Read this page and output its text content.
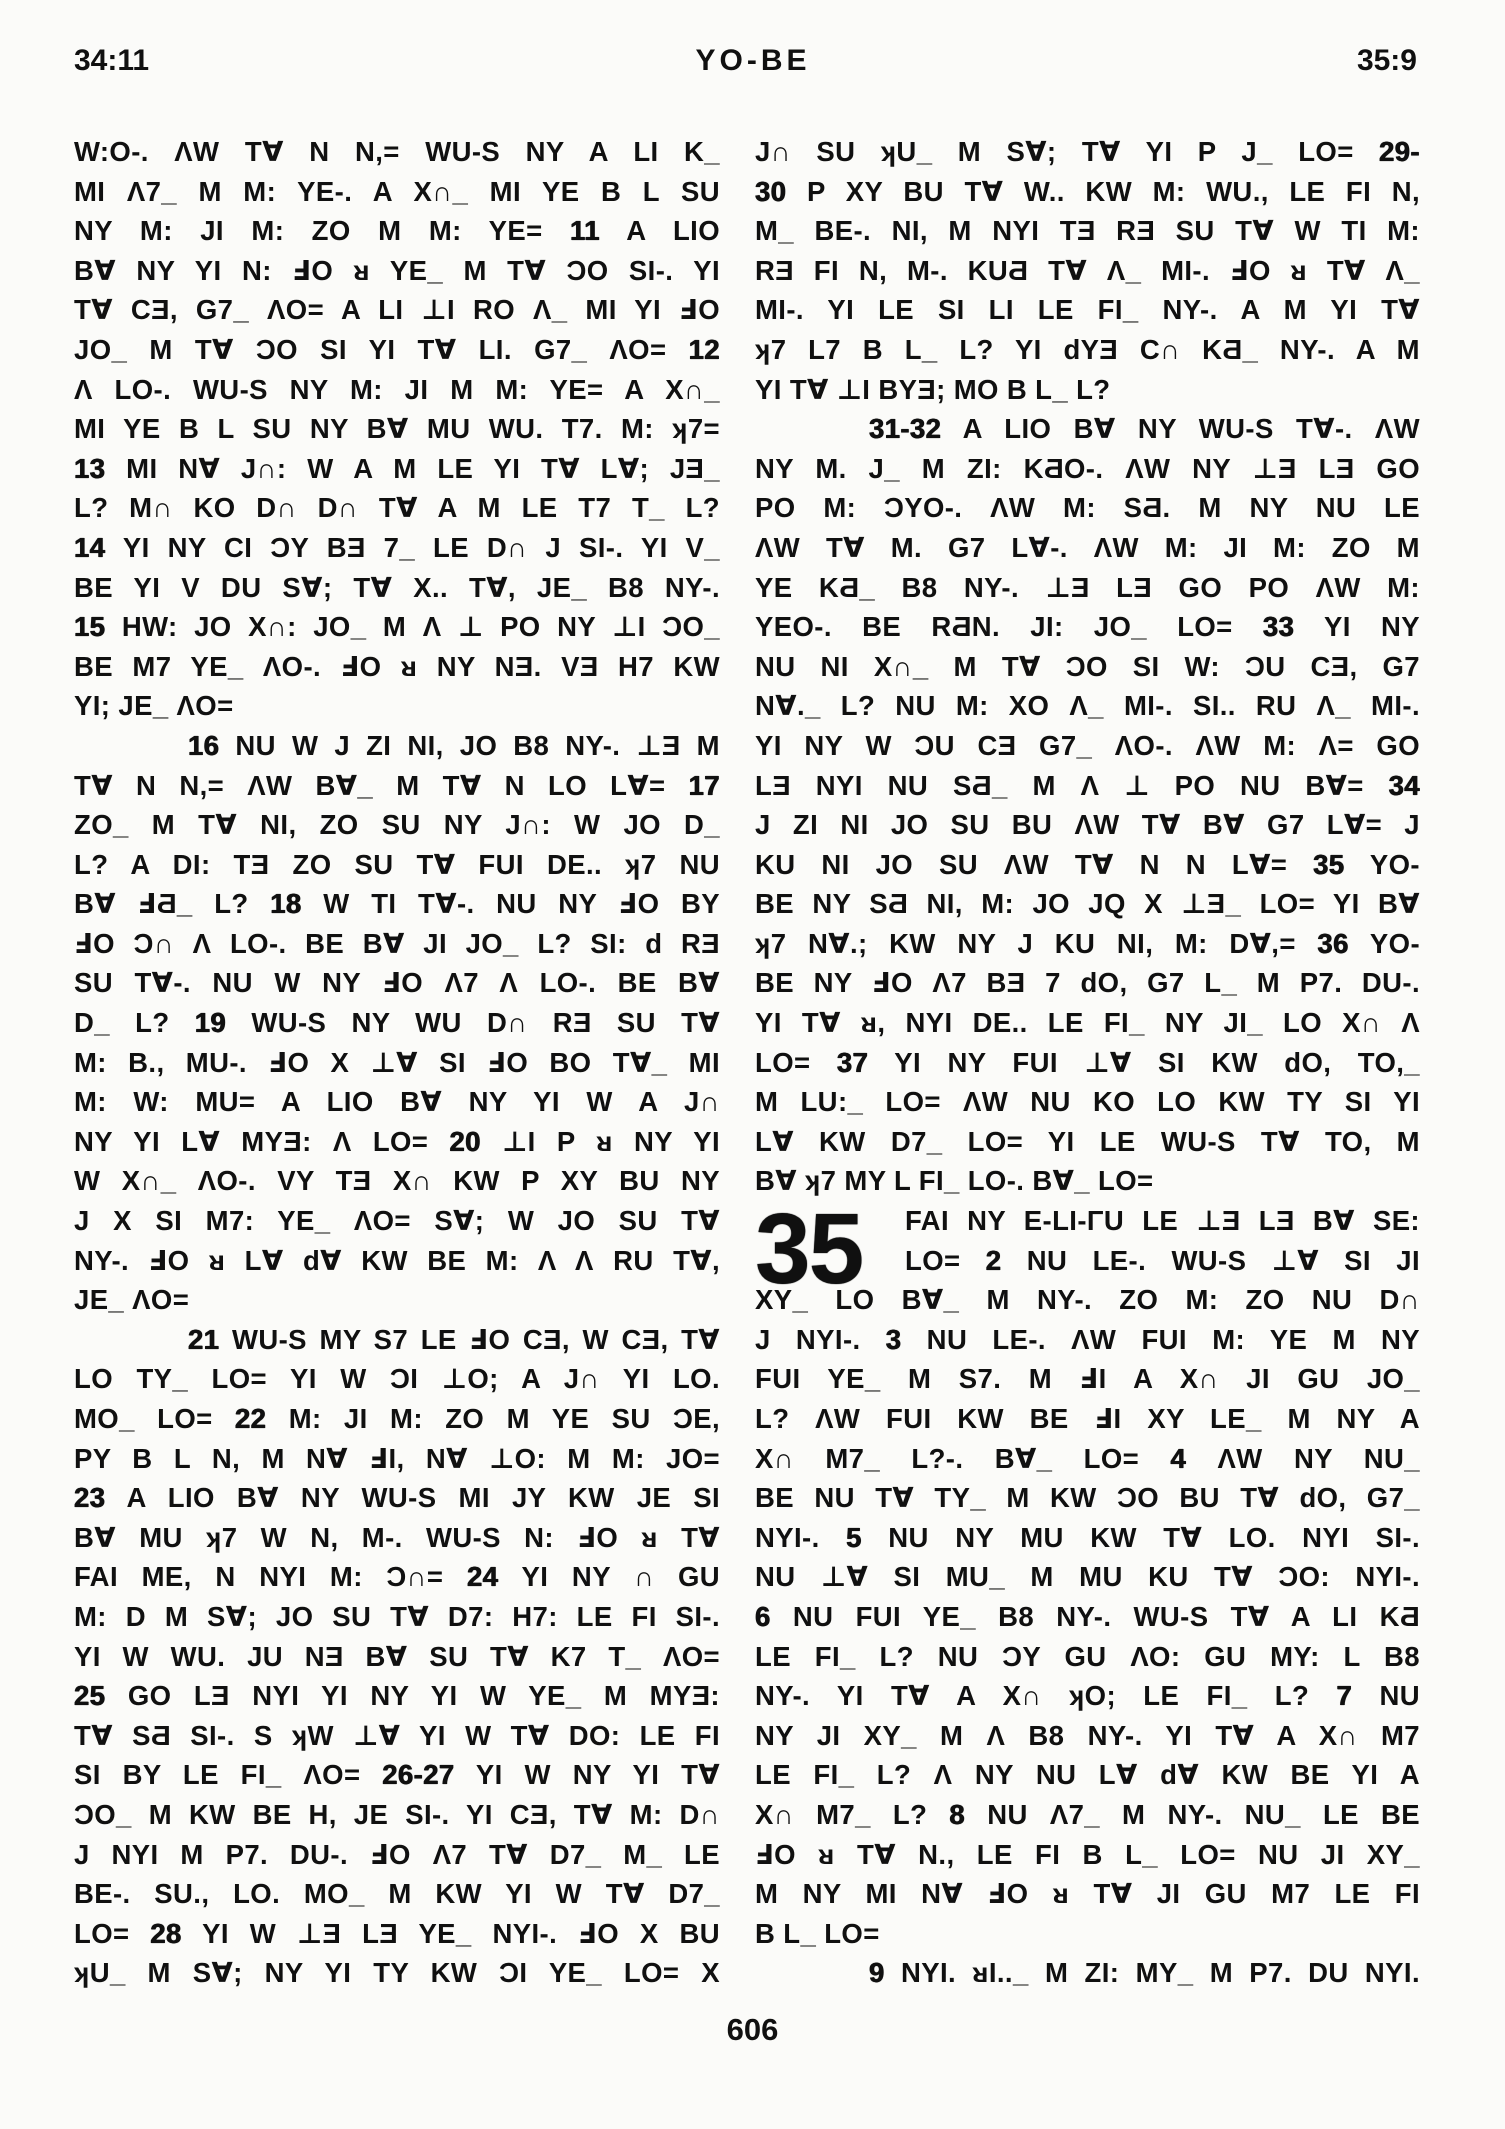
34:11	YO-BE	35:9
W:O-. ΛW T∀ N N,= WU-S NY A LI K_
MI Λ7_ M M: YE-. A X∩_ MI YE B L SU
NY M: JI M: ZO M M: YE= 11 A LIO
B∀ NY YI N: ℲO ᴚ YE_ M T∀ ƆO SI-. YI
T∀ CƎ, G7_ ΛO= A LI ⊥I RO Λ_ MI YI ℲO
JO_ M T∀ ƆO SI YI T∀ LI. G7_ ΛO= 12
Λ LO-. WU-S NY M: JI M M: YE= A X∩_
MI YE B L SU NY B∀ MU WU. T7. M: ʞ7=
13 MI N∀ J∩: W A M LE YI T∀ L∀; JƎ_
L? M∩ KO D∩ D∩ T∀ A M LE T7 T_ L?
14 YI NY CI ƆY BƎ 7_ LE D∩ J SI-. YI V_
BE YI V DU S∀; T∀ X.. T∀, JE_ B8 NY-.
15 HW: JO X∩: JO_ M Λ ⊥ PO NY ⊥I ƆO_
BE M7 YE_ ΛO-. ℲO ᴚ NY NƎ. VƎ H7 KW
YI; JE_ ΛO=
16 NU W J ZI NI, JO B8 NY-. ⊥Ǝ M
T∀ N N,= ΛW B∀_ M T∀ N LO L∀= 17
ZO_ M T∀ NI, ZO SU NY J∩: W JO D_
L? A DI: TƎ ZO SU T∀ FUI DE.. ʞ7 NU
B∀ ℲƋ_ L? 18 W TI T∀-. NU NY ℲO BY
ℲO Ɔ∩ Λ LO-. BE B∀ JI JO_ L? SI: d RƎ
SU T∀-. NU W NY ℲO Λ7 Λ LO-. BE B∀
D_ L? 19 WU-S NY WU D∩ RƎ SU T∀
M: B., MU-. ℲO X ⊥∀ SI ℲO BO T∀_ MI
M: W: MU= A LIO B∀ NY YI W A J∩
NY YI L∀ MYƎ: Λ LO= 20 ⊥I P ᴚ NY YI
W X∩_ ΛO-. VY TƎ X∩ KW P XY BU NY
J X SI M7: YE_ ΛO= S∀; W JO SU T∀
NY-. ℲO ᴚ L∀ d∀ KW BE M: Λ Λ RU T∀,
JE_ ΛO=
21 WU-S MY S7 LE ℲO CƎ, W CƎ, T∀
LO TY_ LO= YI W ƆI ⊥O; A J∩ YI LO.
MO_ LO= 22 M: JI M: ZO M YE SU ƆE,
PY B L N, M N∀ ℲI, N∀ ⊥O: M M: JO=
23 A LIO B∀ NY WU-S MI JY KW JE SI
B∀ MU ʞ7 W N, M-. WU-S N: ℲO ᴚ T∀
FAI ME, N NYI M: Ɔ∩= 24 YI NY ∩ GU
M: D M S∀; JO SU T∀ D7: H7: LE FI SI-.
YI W WU. JU NƎ B∀ SU T∀ K7 T_ ΛO=
25 GO LƎ NYI YI NY YI W YE_ M MYƎ:
T∀ SƋ SI-. S ʞW ⊥∀ YI W T∀ DO: LE FI
SI BY LE FI_ ΛO= 26-27 YI W NY YI T∀
ƆO_ M KW BE H, JE SI-. YI CƎ, T∀ M: D∩
J NYI M P7. DU-. ℲO Λ7 T∀ D7_ M_ LE
BE-. SU., LO. MO_ M KW YI W T∀ D7_
LO= 28 YI W ⊥Ǝ LƎ YE_ NYI-. ℲO X BU
ʞU_ M S∀; NY YI TY KW ƆI YE_ LO= X
35
J∩ SU ʞU_ M S∀; T∀ YI P J_ LO= 29-
30 P XY BU T∀ W.. KW M: WU., LE FI N,
M_ BE-. NI, M NYI TƎ RƎ SU T∀ W TI M:
RƎ FI N, M-. KUƋ T∀ Λ_ MI-. ℲO ᴚ T∀ Λ_
MI-. YI LE SI LI LE FI_ NY-. A M YI T∀
ʞ7 L7 B L_ L? YI dYƎ C∩ KƋ_ NY-. A M
YI T∀ ⊥I BYƎ; MO B L_ L?
31-32 A LIO B∀ NY WU-S T∀-. ΛW
NY M. J_ M ZI: KƋO-. ΛW NY ⊥Ǝ LƎ GO
PO M: ƆYO-. ΛW M: SƋ. M NY NU LE
ΛW T∀ M. G7 L∀-. ΛW M: JI M: ZO M
YE KƋ_ B8 NY-. ⊥Ǝ LƎ GO PO ΛW M:
YEO-. BE RƋN. JI: JO_ LO= 33 YI NY
NU NI X∩_ M T∀ ƆO SI W: ƆU CƎ, G7
N∀._ L? NU M: XO Λ_ MI-. SI.. RU Λ_ MI-.
YI NY W ƆU CƎ G7_ ΛO-. ΛW M: Λ= GO
LƎ NYI NU SƋ_ M Λ ⊥ PO NU B∀= 34
J ZI NI JO SU BU ΛW T∀ B∀ G7 L∀= J
KU NI JO SU ΛW T∀ N N L∀= 35 YO-
BE NY SƋ NI, M: JO JQ X ⊥Ǝ_ LO= YI B∀
ʞ7 N∀.; KW NY J KU NI, M: D∀,= 36 YO-
BE NY ℲO Λ7 BƎ 7 dO, G7 L_ M P7. DU-.
YI T∀ ᴚ, NYI DE.. LE FI_ NY JI_ LO X∩ Λ
LO= 37 YI NY FUI ⊥∀ SI KW dO, TO,_
M LU:_ LO= ΛW NU KO LO KW TY SI YI
L∀ KW D7_ LO= YI LE WU-S T∀ TO, M
B∀ ʞ7 MY L FI_ LO-. B∀_ LO=
FAI NY E-LI-ΓU LE ⊥Ǝ LƎ B∀ SE:
LO= 2 NU LE-. WU-S ⊥∀ SI JI
XY_ LO B∀_ M NY-. ZO M: ZO NU D∩
J NYI-. 3 NU LE-. ΛW FUI M: YE M NY
FUI YE_ M S7. M ℲI A X∩ JI GU JO_
L? ΛW FUI KW BE ℲI XY LE_ M NY A
X∩ M7_ L?-. B∀_ LO= 4 ΛW NY NU_
BE NU T∀ TY_ M KW ƆO BU T∀ dO, G7_
NYI-. 5 NU NY MU KW T∀ LO. NYI SI-.
NU ⊥∀ SI MU_ M MU KU T∀ ƆO: NYI-.
6 NU FUI YE_ B8 NY-. WU-S T∀ A LI KƋ
LE FI_ L? NU ƆY GU ΛO: GU MY: L B8
NY-. YI T∀ A X∩ ʞO; LE FI_ L? 7 NU
NY JI XY_ M Λ B8 NY-. YI T∀ A X∩ M7
LE FI_ L? Λ NY NU L∀ d∀ KW BE YI A
X∩ M7_ L? 8 NU Λ7_ M NY-. NU_ LE BE
ℲO ᴚ T∀ N., LE FI B L_ LO= NU JI XY_
M NY MI N∀ ℲO ᴚ T∀ JI GU M7 LE FI
B L_ LO=
9 NYI. ᴚI.._ M ZI: MY_ M P7. DU NYI.
606
